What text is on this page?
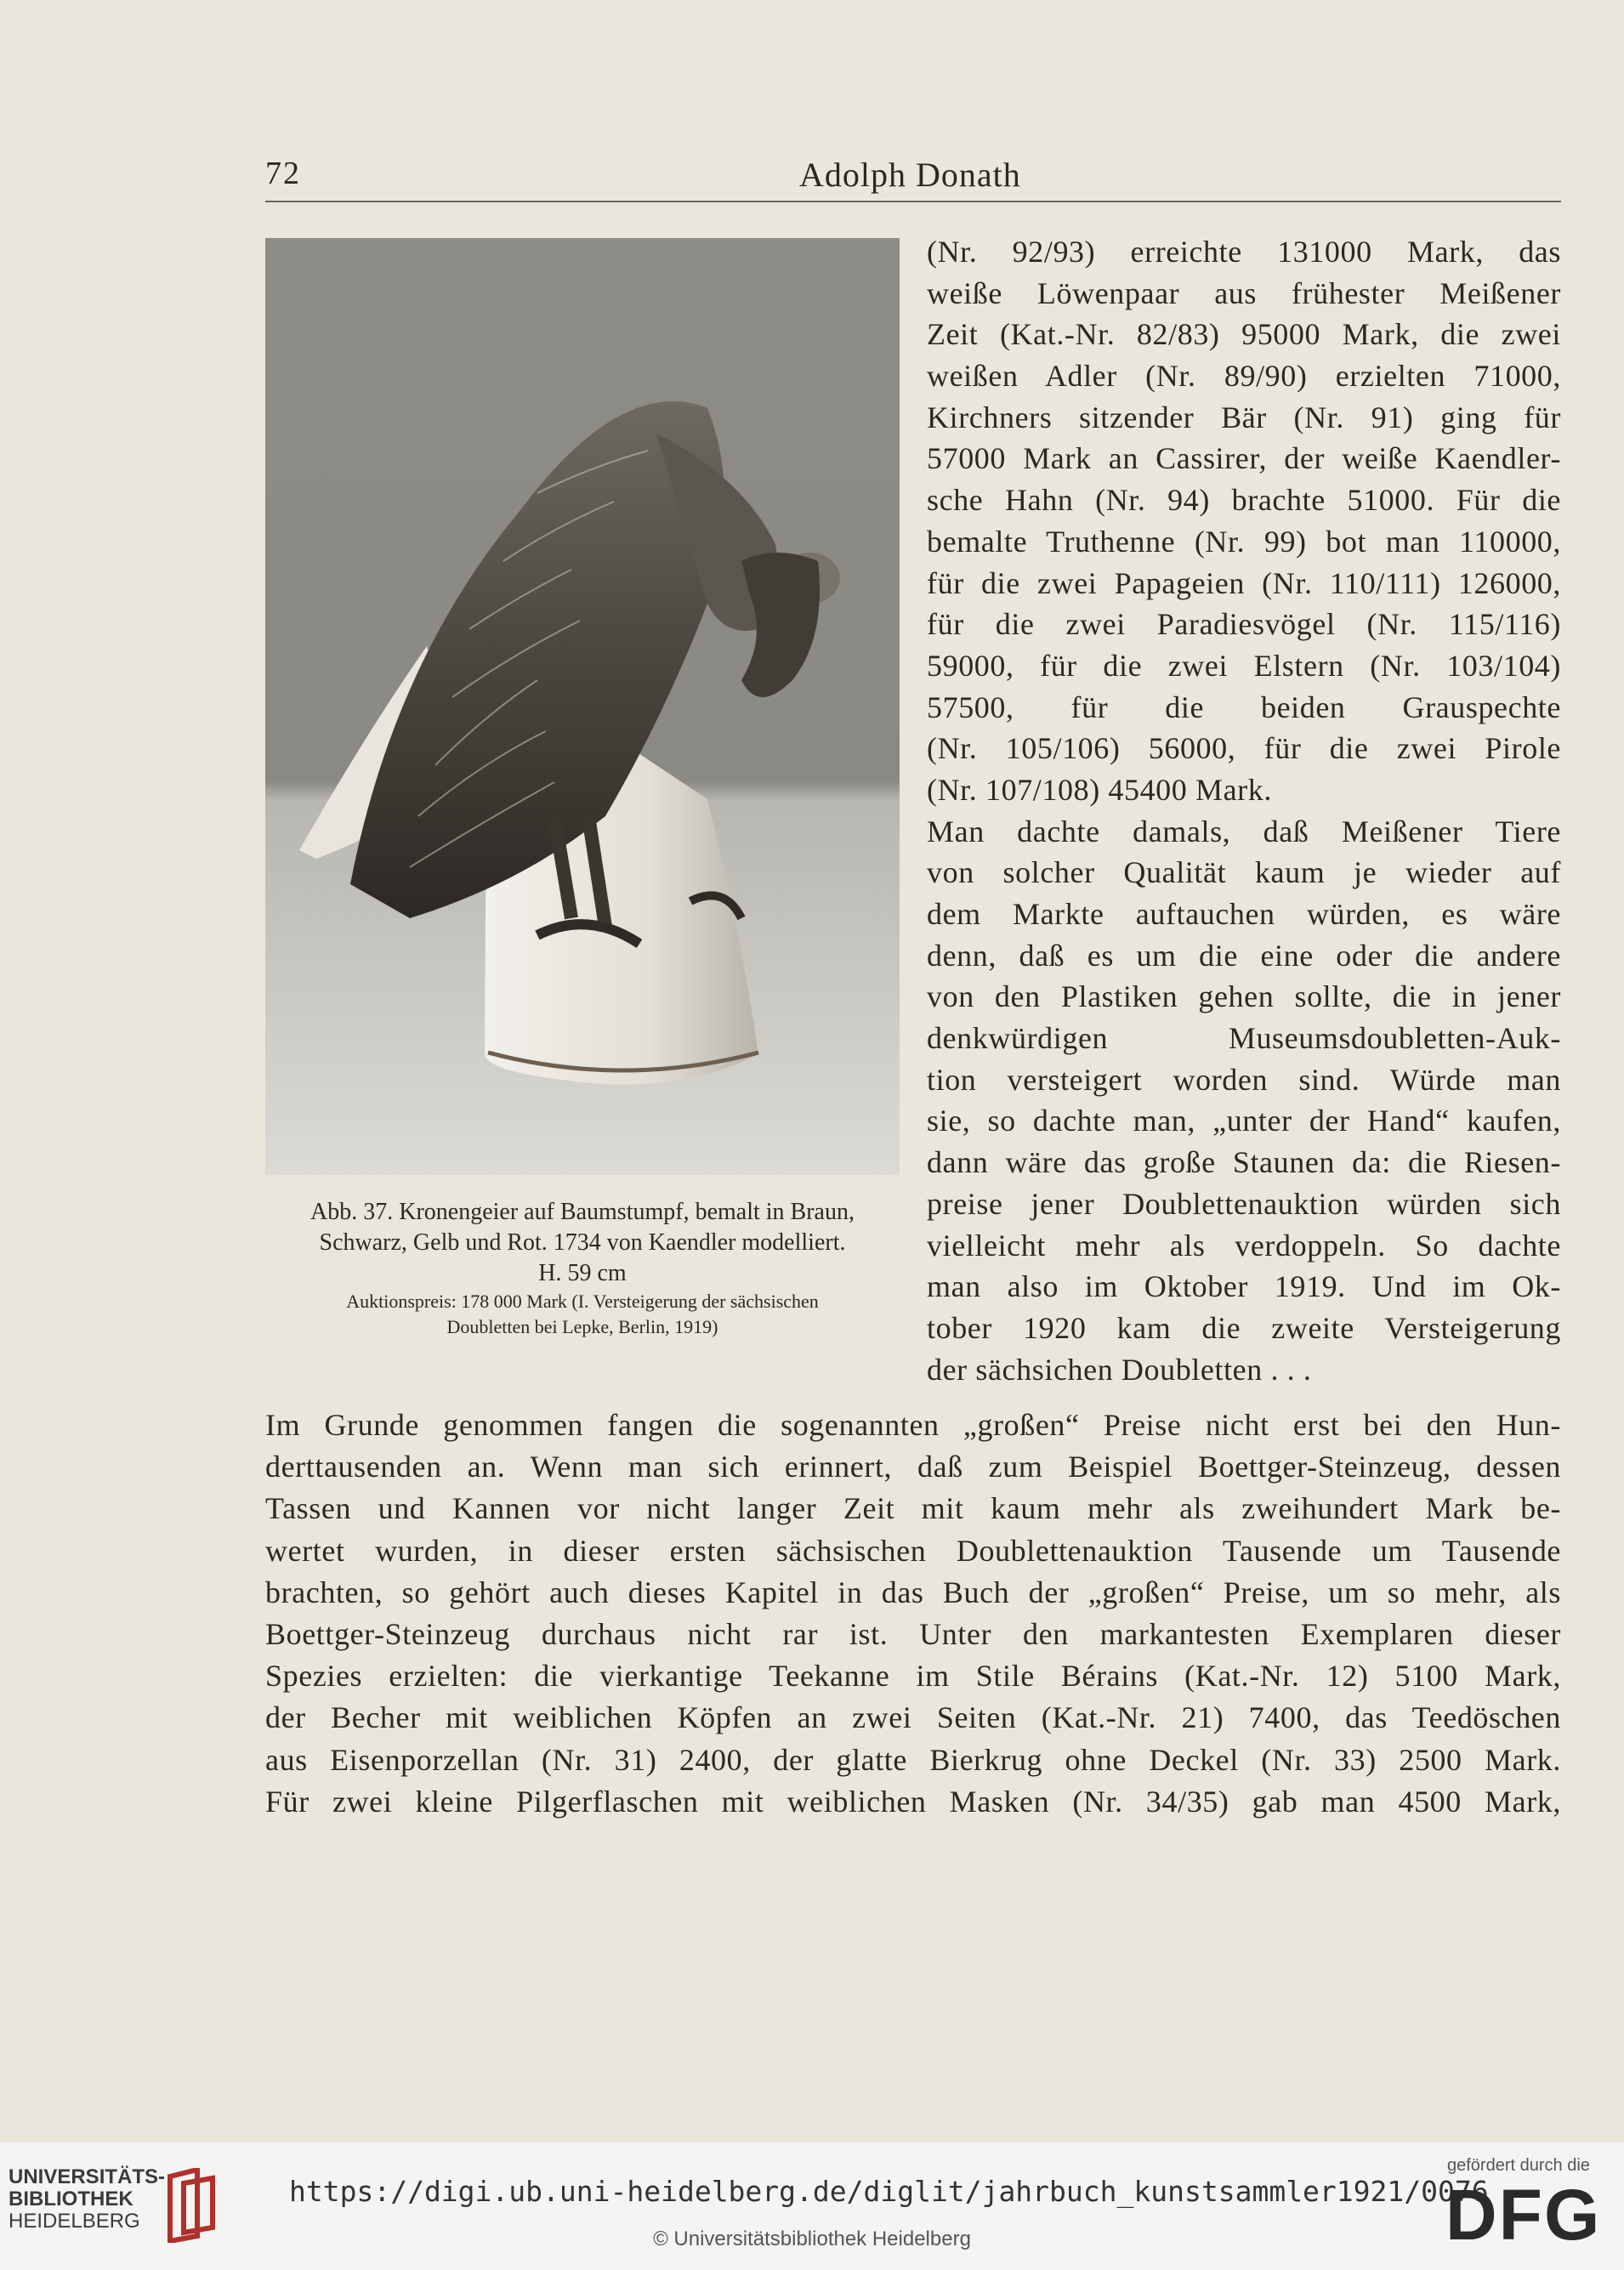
72	Adolph Donath
Abb. 37. Kronengeier auf Baumstumpf, bemalt in Braun,
Schwarz, Gelb und Rot. 1734 von Kaendler modelliert.
H. 59 cm
Auktionspreis: 178 000 Mark (I. Versteigerung der sächsischen
Doubletten bei Lepke, Berlin, 1919)
(Nr. 92/93) erreichte 131000 Mark, das
weiße Löwenpaar aus frühester Meißener
Zeit (Kat.-Nr. 82/83) 95000 Mark, die zwei
weißen Adler (Nr. 89/90) erzielten 71000,
Kirchners sitzender Bär (Nr. 91) ging für
57000 Mark an Cassirer, der weiße Kaendler-
sche Hahn (Nr. 94) brachte 51000. Für die
bemalte Truthenne (Nr. 99) bot man 110000,
für die zwei Papageien (Nr. 110/111) 126000,
für die zwei Paradiesvögel (Nr. 115/116)
59000, für die zwei Elstern (Nr. 103/104)
57500, für die beiden Grauspechte
(Nr. 105/106) 56000, für die zwei Pirole
(Nr. 107/108) 45400 Mark.
Man dachte damals, daß Meißener Tiere
von solcher Qualität kaum je wieder auf
dem Markte auftauchen würden, es wäre
denn, daß es um die eine oder die andere
von den Plastiken gehen sollte, die in jener
denkwürdigen Museumsdoubletten-Auk-
tion versteigert worden sind. Würde man
sie, so dachte man, „unter der Hand“ kaufen,
dann wäre das große Staunen da: die Riesen-
preise jener Doublettenauktion würden sich
vielleicht mehr als verdoppeln. So dachte
man also im Oktober 1919. Und im Ok-
tober 1920 kam die zweite Versteigerung
der sächsichen Doubletten . . .
Im Grunde genommen fangen die sogenannten „großen“ Preise nicht erst bei den Hun-
derttausenden an. Wenn man sich erinnert, daß zum Beispiel Boettger-Steinzeug, dessen
Tassen und Kannen vor nicht langer Zeit mit kaum mehr als zweihundert Mark be-
wertet wurden, in dieser ersten sächsischen Doublettenauktion Tausende um Tausende
brachten, so gehört auch dieses Kapitel in das Buch der „großen“ Preise, um so mehr, als
Boettger-Steinzeug durchaus nicht rar ist. Unter den markantesten Exemplaren dieser
Spezies erzielten: die vierkantige Teekanne im Stile Bérains (Kat.-Nr. 12) 5100 Mark,
der Becher mit weiblichen Köpfen an zwei Seiten (Kat.-Nr. 21) 7400, das Teedöschen
aus Eisenporzellan (Nr. 31) 2400, der glatte Bierkrug ohne Deckel (Nr. 33) 2500 Mark.
Für zwei kleine Pilgerflaschen mit weiblichen Masken (Nr. 34/35) gab man 4500 Mark,
UNIVERSITÄTS-
BIBLIOTHEK
HEIDELBERG
https://digi.ub.uni-heidelberg.de/diglit/jahrbuch_kunstsammler1921/0076
© Universitätsbibliothek Heidelberg
gefördert durch die
DFG
